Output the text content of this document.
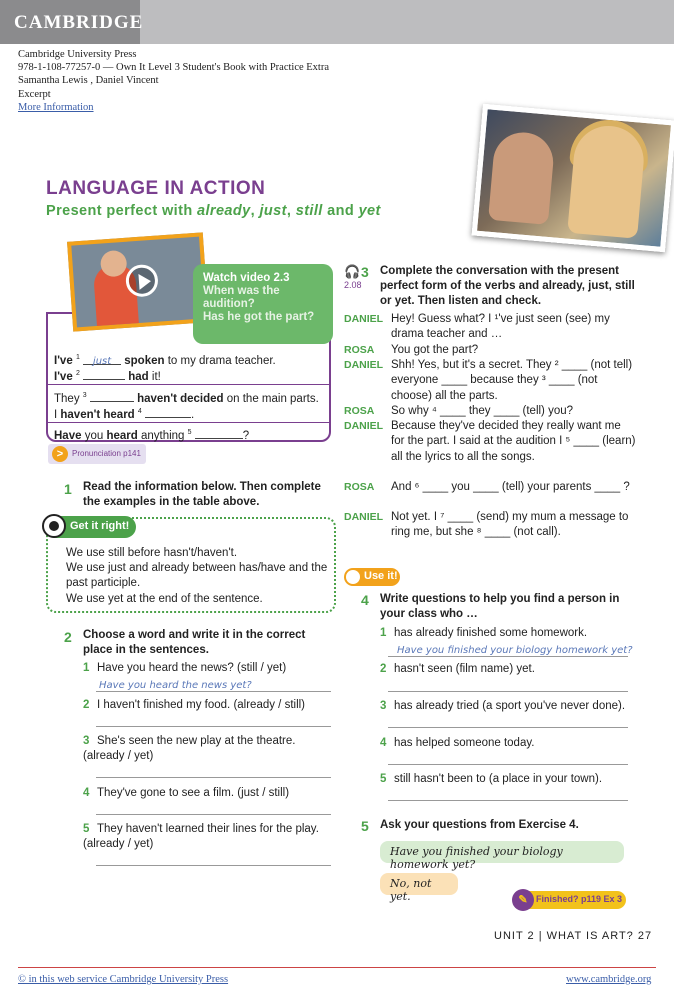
CAMBRIDGE
Cambridge University Press
978-1-108-77257-0 — Own It Level 3 Student's Book with Practice Extra
Samantha Lewis , Daniel Vincent
Excerpt
More Information
LANGUAGE IN ACTION
Present perfect with already, just, still and yet
I've $^1$ just spoken to my drama teacher.
I've $^2$	had it!
They $^3$	haven't decided on the main parts.
I haven't heard $^4$	.
Have you heard anything $^5$	?
Watch video 2.3
When was the audition?
Has he got the part?
>	Pronunciation p141
1 Read the information below. Then complete the examples in the table above.
Get it right!
We use still before hasn't/haven't.
We use just and already between has/have and the past participle.
We use yet at the end of the sentence.
2 Choose a word and write it in the correct place in the sentences.
1 Have you heard the news? (still / yet)
Have you heard the news yet?
2 I haven't finished my food. (already / still)
3 She's seen the new play at the theatre. (already / yet)
4 They've gone to see a film. (just / still)
5 They haven't learned their lines for the play. (already / yet)
🎧
2.08
3 Complete the conversation with the present perfect form of the verbs and already, just, still or yet. Then listen and check.
DANIEL Hey! Guess what? I ¹'ve just seen (see) my drama teacher and …
ROSA You got the part?
DANIEL Shh! Yes, but it's a secret. They ² ____ (not tell) everyone ____ because they ³ ____ (not choose) all the parts.
ROSA So why ⁴ ____ they ____ (tell) you?
DANIEL Because they've decided they really want me for the part. I said at the audition I ⁵ ____ (learn) all the lyrics to all the songs.
ROSA And ⁶ ____ you ____ (tell) your parents ____ ?
DANIEL Not yet. I ⁷ ____ (send) my mum a message to ring me, but she ⁸ ____ (not call).
Use it!
4 Write questions to help you find a person in your class who …
1 has already finished some homework.
Have you finished your biology homework yet?
2 hasn't seen (film name) yet.
3 has already tried (a sport you've never done).
4 has helped someone today.
5 still hasn't been to (a place in your town).
5 Ask your questions from Exercise 4.
Have you finished your biology homework yet?
No, not yet.	✎ Finished? p119 Ex 3
UNIT 2 | WHAT IS ART? 27
© in this web service Cambridge University Press	www.cambridge.org
